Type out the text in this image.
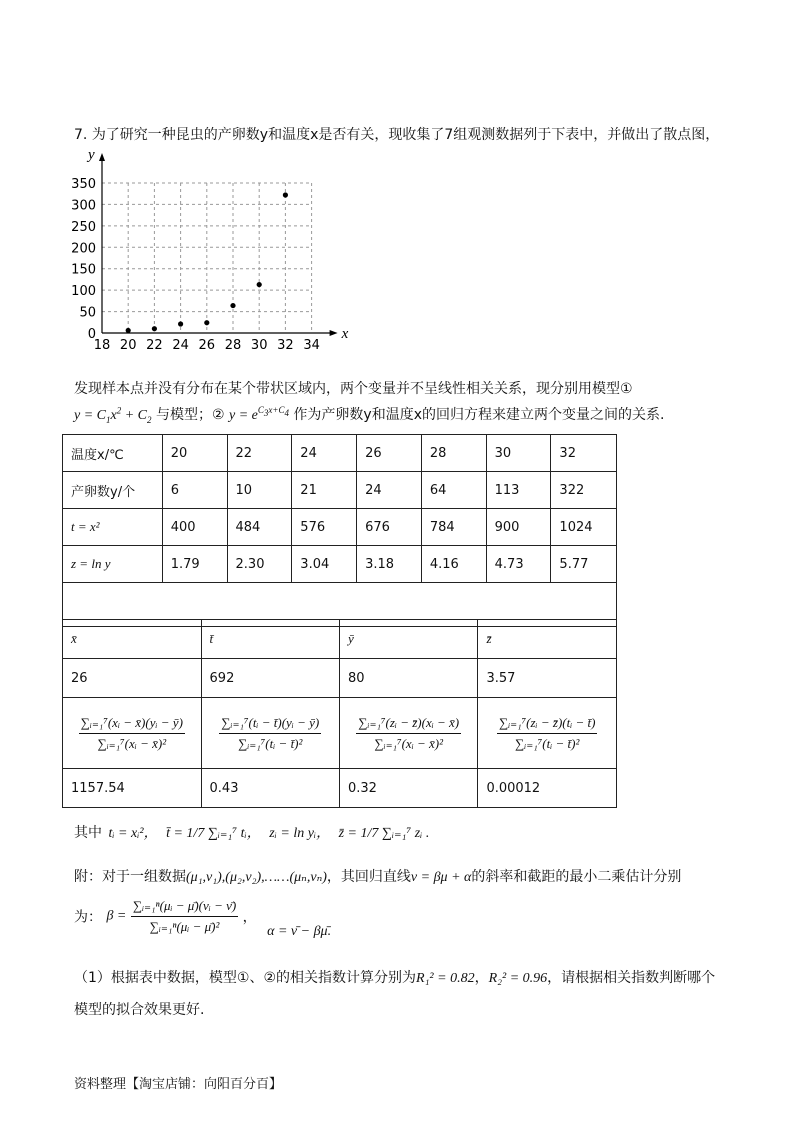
7. 为了研究一种昆虫的产卵数y和温度x是否有关，现收集了7组观测数据列于下表中，并做出了散点图，
x
y
18 20 22 24 26 28 30 32 34
0
50
100
150
200
250
300
350
发现样本点并没有分布在某个带状区域内，两个变量并不呈线性相关关系，现分别用模型①
$y = C_1x^2 + C_2$ 与模型；② $y = e^{C_3x+C_4}$ 作为产卵数y和温度x的回归方程来建立两个变量之间的关系.
温度x/℃	20	22	24	26	28	30	32
产卵数y/个	6	10	21	24	64	113	322
t = x²	400	484	576	676	784	900	1024
z = ln y	1.79	2.30	3.04	3.18	4.16	4.73	5.77

x̄	t̄	ȳ	z̄
26	692	80	3.57

$\frac{\text{∑ᵢ₌₁⁷(xᵢ − x̄)(yᵢ − ȳ)}}{\text{∑ᵢ₌₁⁷(xᵢ − x̄)²}}$	$\frac{\text{∑ᵢ₌₁⁷(tᵢ − t̄)(yᵢ − ȳ)}}{\text{∑ᵢ₌₁⁷(tᵢ − t̄)²}}$	$\frac{\text{∑ᵢ₌₁⁷(zᵢ − z̄)(xᵢ − x̄)}}{\text{∑ᵢ₌₁⁷(xᵢ − x̄)²}}$	$\frac{\text{∑ᵢ₌₁⁷(zᵢ − z̄)(tᵢ − t̄)}}{\text{∑ᵢ₌₁⁷(tᵢ − t̄)²}}$

1157.54	0.43	0.32	0.00012
其中 tᵢ = xᵢ²， t̄ = 1/7 ∑ᵢ₌₁⁷ tᵢ， zᵢ = ln yᵢ， z̄ = 1/7 ∑ᵢ₌₁⁷ zᵢ .
附：对于一组数据(μ₁,ν₁),(μ₂,ν₂),……(μₙ,νₙ)，其回归直线ν = βμ + α的斜率和截距的最小二乘估计分别
为： $\beta = \frac{\text{∑ᵢ₌₁ⁿ(μᵢ − μ̄)(νᵢ − ν̄)}}{\text{∑ᵢ₌₁ⁿ(μᵢ − μ̄)²}}$ ， α = ν̄ − βμ̄.
（1）根据表中数据，模型①、②的相关指数计算分别为R₁² = 0.82，R₂² = 0.96，请根据相关指数判断哪个
模型的拟合效果更好.
资料整理【淘宝店铺：向阳百分百】
